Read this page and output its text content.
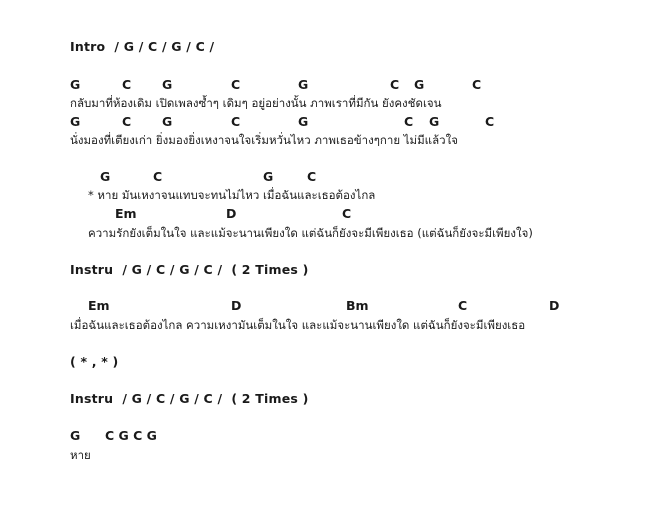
Intro  / G / C / G / C /
G	C G	C	G	C G	C
กลับมาที่ห้องเดิม เปิดเพลงซ้ำๆ เดิมๆ อยู่อย่างนั้น ภาพเราที่มีกัน ยังคงชัดเจน
G	C G	C	G	C G	C
นั่งมองที่เตียงเก่า ยิ่งมองยิ่งเหงาจนใจเริ่มหวั่นไหว ภาพเธอข้างๆกาย ไม่มีแล้วใจ
G	C	G	C
* หาย มันเหงาจนแทบจะทนไม่ไหว เมื่อฉันและเธอต้องไกล
Em	D	C
ความรักยังเต็มในใจ และแม้จะนานเพียงใด แต่ฉันก็ยังจะมีเพียงเธอ (แต่ฉันก็ยังจะมีเพียงใจ)
Instru  / G / C / G / C /  ( 2 Times )
Em	D	Bm	C	D
เมื่อฉันและเธอต้องไกล ความเหงามันเต็มในใจ และแม้จะนานเพียงใด แต่ฉันก็ยังจะมีเพียงเธอ
( * , * )
Instru  / G / C / G / C /  ( 2 Times )
G C G C G
หาย
